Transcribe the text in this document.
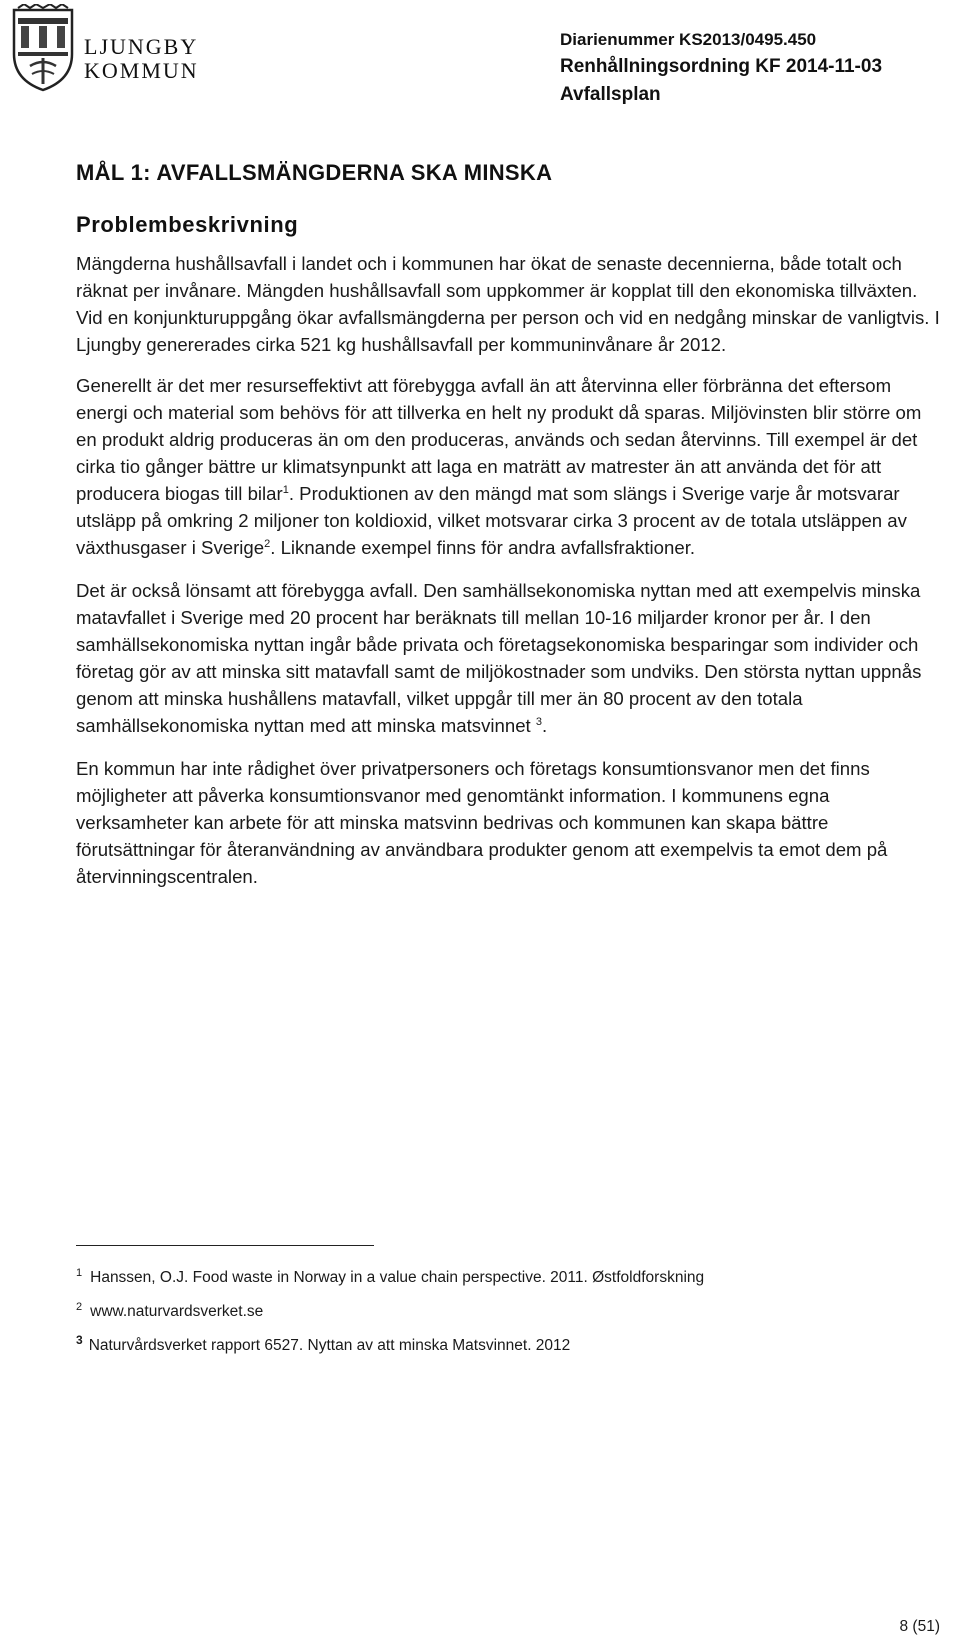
LJUNGBY
KOMMUN
Diarienummer KS2013/0495.450
Renhållningsordning KF 2014-11-03
Avfallsplan
MÅL 1: AVFALLSMÄNGDERNA SKA MINSKA
Problembeskrivning

Mängderna hushållsavfall i landet och i kommunen har ökat de senaste decennierna, både totalt och räknat per invånare. Mängden hushållsavfall som uppkommer är kopplat till den ekonomiska tillväxten. Vid en konjunkturuppgång ökar avfallsmängderna per person och vid en nedgång minskar de vanligtvis. I Ljungby genererades cirka 521 kg hushållsavfall per kommuninvånare år 2012.

Generellt är det mer resurseffektivt att förebygga avfall än att återvinna eller förbränna det eftersom energi och material som behövs för att tillverka en helt ny produkt då sparas. Miljövinsten blir större om en produkt aldrig produceras än om den produceras, används och sedan återvinns. Till exempel är det cirka tio gånger bättre ur klimatsynpunkt att laga en maträtt av matrester än att använda det för att producera biogas till bilar$^1$. Produktionen av den mängd mat som slängs i Sverige varje år motsvarar utsläpp på omkring 2 miljoner ton koldioxid, vilket motsvarar cirka 3 procent av de totala utsläppen av växthusgaser i Sverige$^2$. Liknande exempel finns för andra avfallsfraktioner.

Det är också lönsamt att förebygga avfall. Den samhällsekonomiska nyttan med att exempelvis minska matavfallet i Sverige med 20 procent har beräknats till mellan 10-16 miljarder kronor per år. I den samhällsekonomiska nyttan ingår både privata och företagsekonomiska besparingar som individer och företag gör av att minska sitt matavfall samt de miljökostnader som undviks. Den största nyttan uppnås genom att minska hushållens matavfall, vilket uppgår till mer än 80 procent av den totala samhällsekonomiska nyttan med att minska matsvinnet $^3$.

En kommun har inte rådighet över privatpersoners och företags konsumtionsvanor men det finns möjligheter att påverka konsumtionsvanor med genomtänkt information. I kommunens egna verksamheter kan arbete för att minska matsvinn bedrivas och kommunen kan skapa bättre förutsättningar för återanvändning av användbara produkter genom att exempelvis ta emot dem på återvinningscentralen.

$^1$ Hanssen, O.J. Food waste in Norway in a value chain perspective. 2011. Østfoldforskning
$^2$ www.naturvardsverket.se
$^3$ Naturvårdsverket rapport 6527. Nyttan av att minska Matsvinnet. 2012
8 (51)
